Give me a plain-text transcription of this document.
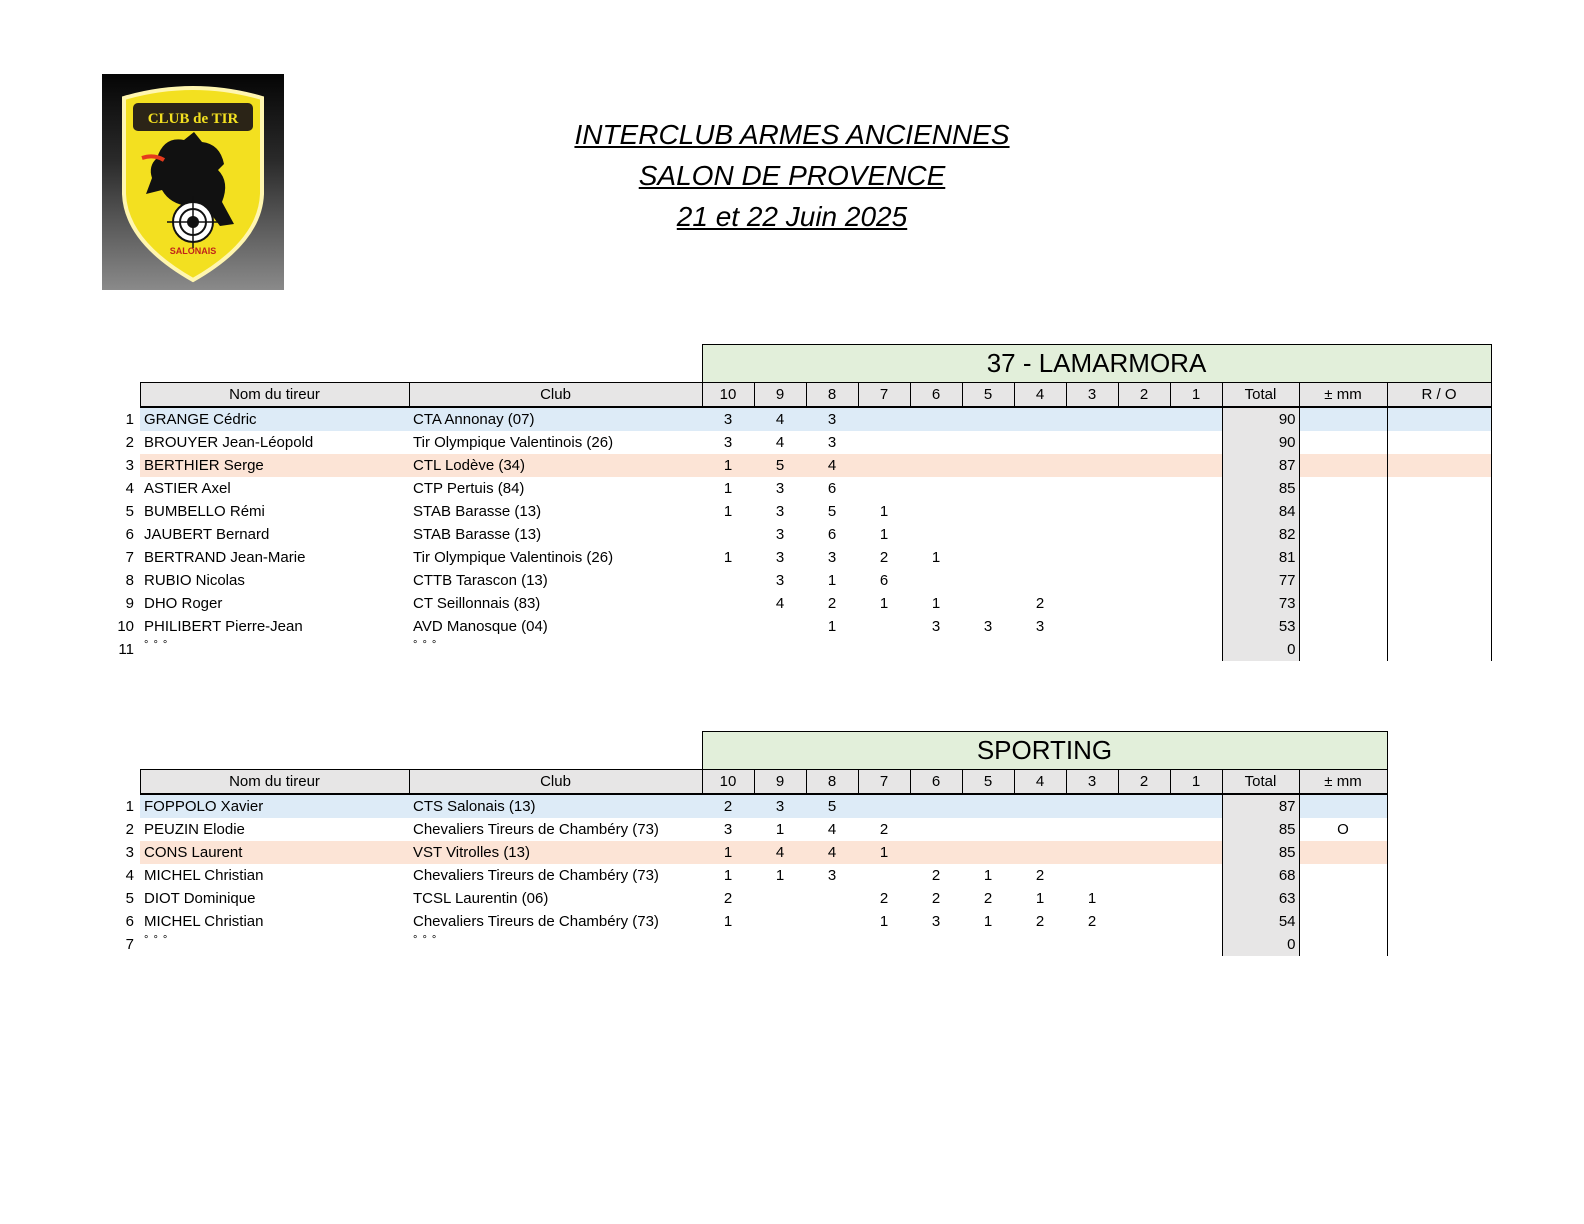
CLUB de TIR
SALONAIS
INTERCLUB ARMES ANCIENNES
SALON DE PROVENCE
21 et 22 Juin 2025
			37 - LAMARMORA												
	Nom du tireur	Club	10	9	8	7	6	5	4	3	2	1	Total	± mm	R / O
1	GRANGE Cédric	CTA Annonay (07)	3	4	3								90		
2	BROUYER Jean-Léopold	Tir Olympique Valentinois (26)	3	4	3								90		
3	BERTHIER Serge	CTL Lodève (34)	1	5	4								87		
4	ASTIER Axel	CTP Pertuis (84)	1	3	6								85		
5	BUMBELLO Rémi	STAB Barasse (13)	1	3	5	1							84		
6	JAUBERT Bernard	STAB Barasse (13)		3	6	1							82		
7	BERTRAND Jean-Marie	Tir Olympique Valentinois (26)	1	3	3	2	1						81		
8	RUBIO Nicolas	CTTB Tarascon (13)		3	1	6							77		
9	DHO Roger	CT Seillonnais (83)		4	2	1	1		2				73		
10	PHILIBERT Pierre-Jean	AVD Manosque (04)			1		3	3	3				53		
11	° ° °	° ° °											0		
			SPORTING											
	Nom du tireur	Club	10	9	8	7	6	5	4	3	2	1	Total	± mm
1	FOPPOLO Xavier	CTS Salonais (13)	2	3	5								87	
2	PEUZIN Elodie	Chevaliers Tireurs de Chambéry (73)	3	1	4	2							85	O
3	CONS Laurent	VST Vitrolles (13)	1	4	4	1							85	
4	MICHEL Christian	Chevaliers Tireurs de Chambéry (73)	1	1	3		2	1	2				68	
5	DIOT Dominique	TCSL Laurentin (06)	2			2	2	2	1	1			63	
6	MICHEL Christian	Chevaliers Tireurs de Chambéry (73)	1			1	3	1	2	2			54	
7	° ° °	° ° °											0	
